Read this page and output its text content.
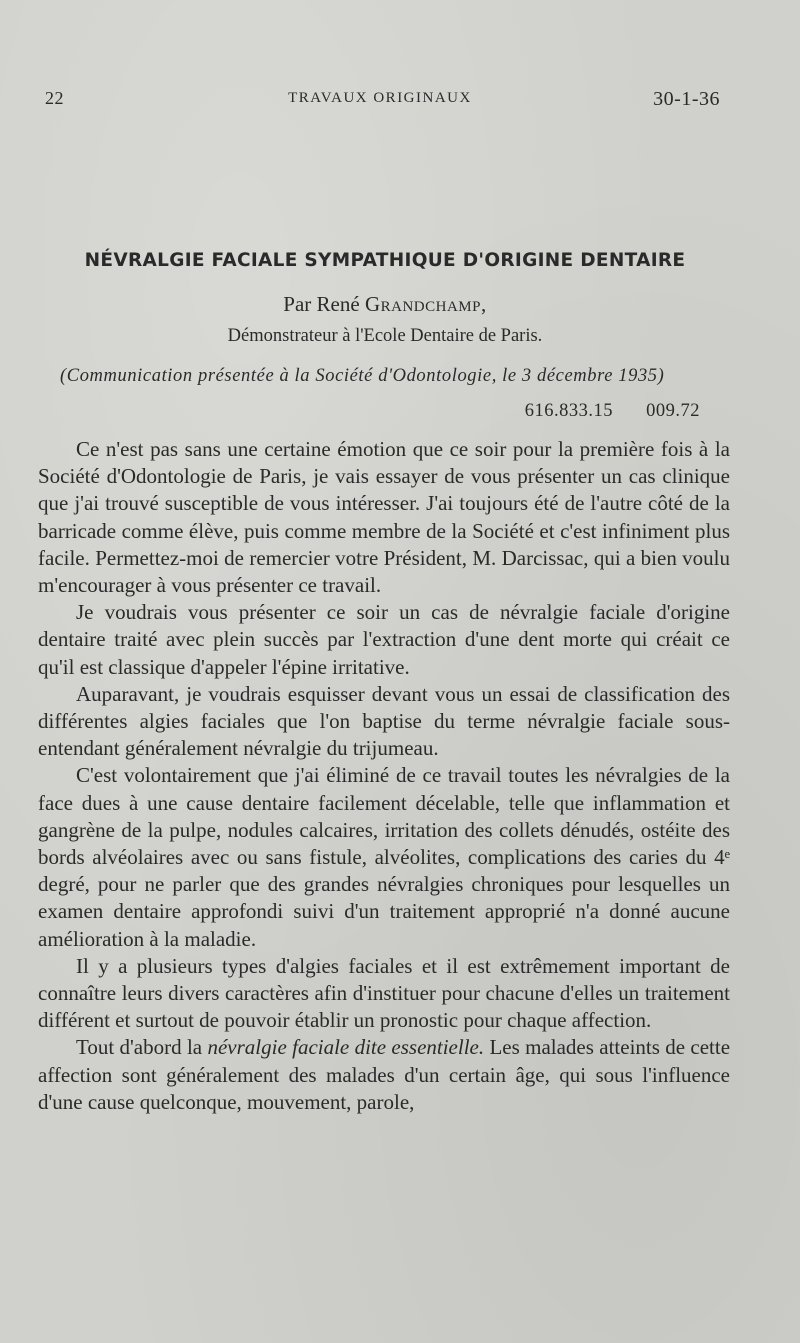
22	TRAVAUX ORIGINAUX	30-1-36
NÉVRALGIE FACIALE SYMPATHIQUE D'ORIGINE DENTAIRE
Par René Grandchamp,
Démonstrateur à l'Ecole Dentaire de Paris.
(Communication présentée à la Société d'Odontologie, le 3 décembre 1935)
616.833.15 009.72

Ce n'est pas sans une certaine émotion que ce soir pour la première fois à la Société d'Odontologie de Paris, je vais essayer de vous présenter un cas clinique que j'ai trouvé susceptible de vous intéresser. J'ai toujours été de l'autre côté de la barricade comme élève, puis comme membre de la Société et c'est infiniment plus facile. Permettez-moi de remercier votre Président, M. Darcissac, qui a bien voulu m'encourager à vous présenter ce travail.

Je voudrais vous présenter ce soir un cas de névralgie faciale d'origine dentaire traité avec plein succès par l'extraction d'une dent morte qui créait ce qu'il est classique d'appeler l'épine irritative.

Auparavant, je voudrais esquisser devant vous un essai de classification des différentes algies faciales que l'on baptise du terme névralgie faciale sous-entendant généralement névralgie du trijumeau.

C'est volontairement que j'ai éliminé de ce travail toutes les névralgies de la face dues à une cause dentaire facilement décelable, telle que inflammation et gangrène de la pulpe, nodules calcaires, irritation des collets dénudés, ostéite des bords alvéolaires avec ou sans fistule, alvéolites, complications des caries du 4ᵉ degré, pour ne parler que des grandes névralgies chroniques pour lesquelles un examen dentaire approfondi suivi d'un traitement approprié n'a donné aucune amélioration à la maladie.

Il y a plusieurs types d'algies faciales et il est extrêmement important de connaître leurs divers caractères afin d'instituer pour chacune d'elles un traitement différent et surtout de pouvoir établir un pronostic pour chaque affection.

Tout d'abord la névralgie faciale dite essentielle. Les malades atteints de cette affection sont généralement des malades d'un certain âge, qui sous l'influence d'une cause quelconque, mouvement, parole,
